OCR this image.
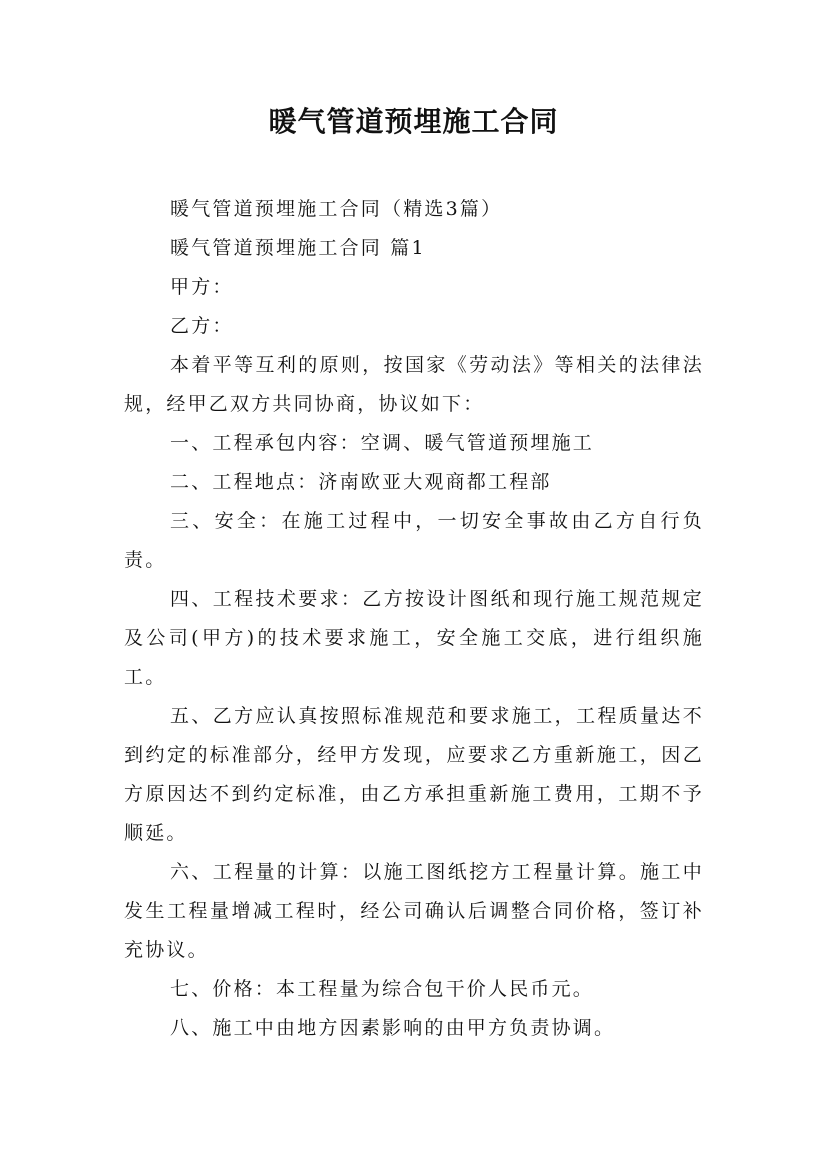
暖气管道预埋施工合同

暖气管道预埋施工合同（精选3篇）

暖气管道预埋施工合同 篇1

甲方：

乙方：

本着平等互利的原则，按国家《劳动法》等相关的法律法规，经甲乙双方共同协商，协议如下：

一、工程承包内容：空调、暖气管道预埋施工

二、工程地点：济南欧亚大观商都工程部

三、安全：在施工过程中，一切安全事故由乙方自行负责。

四、工程技术要求：乙方按设计图纸和现行施工规范规定及公司(甲方)的技术要求施工，安全施工交底，进行组织施工。

五、乙方应认真按照标准规范和要求施工，工程质量达不到约定的标准部分，经甲方发现，应要求乙方重新施工，因乙方原因达不到约定标准，由乙方承担重新施工费用，工期不予顺延。

六、工程量的计算：以施工图纸挖方工程量计算。施工中发生工程量增减工程时，经公司确认后调整合同价格，签订补充协议。

七、价格：本工程量为综合包干价人民币元。

八、施工中由地方因素影响的由甲方负责协调。
